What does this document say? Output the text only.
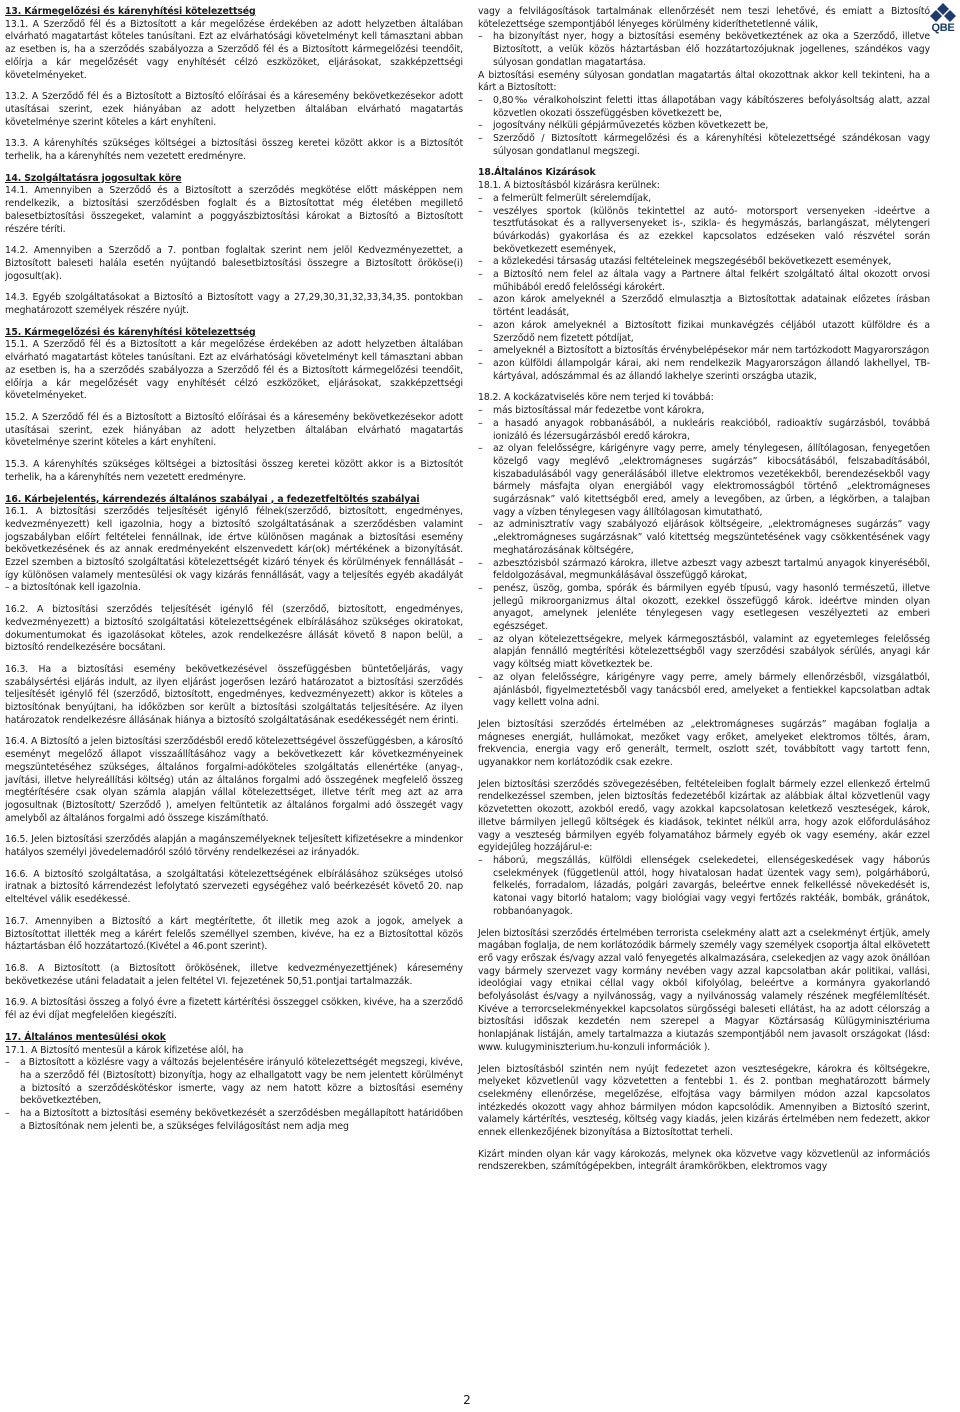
QBE
13. Kármegelőzési és kárenyhítési kötelezettség

13.1. A Szerződő fél és a Biztosított a kár megelőzése érdekében az adott helyzetben általában elvárható magatartást köteles tanúsítani. Ezt az elvárhatósági követelményt kell támasztani abban az esetben is, ha a szerződés szabályozza a Szerződő fél és a Biztosított kármegelőzési teendőit, előírja a kár megelőzését vagy enyhítését célzó eszközöket, eljárásokat, szakképzettségi követelményeket.

13.2. A Szerződő fél és a Biztosított a Biztosító előírásai és a káresemény bekövetkezésekor adott utasításai szerint, ezek hiányában az adott helyzetben általában elvárható magatartás követelménye szerint köteles a kárt enyhíteni.

13.3. A kárenyhítés szükséges költségei a biztosítási összeg keretei között akkor is a Biztosítót terhelik, ha a kárenyhítés nem vezetett eredményre.

14. Szolgáltatásra jogosultak köre

14.1. Amennyiben a Szerződő és a Biztosított a szerződés megkötése előtt másképpen nem rendelkezik, a biztosítási szerződésben foglalt és a Biztosítottat még életében megillető balesetbiztosítási összegeket, valamint a poggyászbiztosítási károkat a Biztosító a Biztosított részére téríti.

14.2. Amennyiben a Szerződő a 7. pontban foglaltak szerint nem jelöl Kedvezményezettet, a Biztosított baleseti halála esetén nyújtandó balesetbiztosítási összegre a Biztosított örököse(i) jogosult(ak).

14.3. Egyéb szolgáltatásokat a Biztosító a Biztosított vagy a 27,29,30,31,32,33,34,35. pontokban meghatározott személyek részére nyújt.

15. Kármegelőzési és kárenyhítési kötelezettség

15.1. A Szerződő fél és a Biztosított a kár megelőzése érdekében az adott helyzetben általában elvárható magatartást köteles tanúsítani. Ezt az elvárhatósági követelményt kell támasztani abban az esetben is, ha a szerződés szabályozza a Szerződő fél és a Biztosított kármegelőzési teendőit, előírja a kár megelőzését vagy enyhítését célzó eszközöket, eljárásokat, szakképzettségi követelményeket.

15.2. A Szerződő fél és a Biztosított a Biztosító előírásai és a káresemény bekövetkezésekor adott utasításai szerint, ezek hiányában az adott helyzetben általában elvárható magatartás követelménye szerint köteles a kárt enyhíteni.

15.3. A kárenyhítés szükséges költségei a biztosítási összeg keretei között akkor is a Biztosítót terhelik, ha a kárenyhítés nem vezetett eredményre.

16. Kárbejelentés, kárrendezés általános szabályai , a fedezetfeltöltés szabályai

16.1. A biztosítási szerződés teljesítését igénylő félnek(szerződő, biztosított, engedményes, kedvezményezett) kell igazolnia, hogy a biztosító szolgáltatásának a szerződésben valamint jogszabályban előírt feltételei fennállnak, ide értve különösen magának a biztosítási esemény bekövetkezésének és az annak eredményeként elszenvedett kár(ok) mértékének a bizonyítását. Ezzel szemben a biztosító szolgáltatási kötelezettségét kizáró tények és körülmények fennállását –így különösen valamely mentesülési ok vagy kizárás fennállását, vagy a teljesítés egyéb akadályát – a biztosítónak kell igazolnia.

16.2. A biztosítási szerződés teljesítését igénylő fél (szerződő, biztosított, engedményes, kedvezményezett) a biztosító szolgáltatási kötelezettségének elbírálásához szükséges okiratokat, dokumentumokat és igazolásokat köteles, azok rendelkezésre állását követő 8 napon belül, a biztosító rendelkezésére bocsátani.

16.3. Ha a biztosítási esemény bekövetkezésével összefüggésben büntetőeljárás, vagy szabálysértési eljárás indult, az ilyen eljárást jogerősen lezáró határozatot a biztosítási szerződés teljesítését igénylő fél (szerződő, biztosított, engedményes, kedvezményezett) akkor is köteles a biztosítónak benyújtani, ha időközben sor került a biztosítási szolgáltatás teljesítésére. Az ilyen határozatok rendelkezésre állásának hiánya a biztosító szolgáltatásának esedékességét nem érinti.

16.4. A Biztosító a jelen biztosítási szerződésből eredő kötelezettségével összefüggésben, a károsító eseményt megelőző állapot visszaállításához vagy a bekövetkezett kár következményeinek megszüntetéséhez szükséges, általános forgalmi-adóköteles szolgáltatás ellenértéke (anyag-, javítási, illetve helyreállítási költség) után az általános forgalmi adó összegének megfelelő összeg megtérítésére csak olyan számla alapján vállal kötelezettséget, illetve térít meg azt az arra jogosultnak (Biztosított/ Szerződő ), amelyen feltüntetik az általános forgalmi adó összegét vagy amelyből az általános forgalmi adó összege kiszámítható.

16.5. Jelen biztosítási szerződés alapján a magánszemélyeknek teljesített kifizetésekre a mindenkor hatályos személyi jövedelemadóról szóló törvény rendelkezései az irányadók.

16.6. A biztosító szolgáltatása, a szolgáltatási kötelezettségének elbírálásához szükséges utolsó iratnak a biztosító kárrendezést lefolytató szervezeti egységéhez való beérkezését követő 20. nap elteltével válik esedékessé.

16.7. Amennyiben a Biztosító a kárt megtérítette, őt illetik meg azok a jogok, amelyek a Biztosítottat illették meg a kárért felelős személlyel szemben, kivéve, ha ez a Biztosítottal közös háztartásban élő hozzátartozó.(Kivétel a 46.pont szerint).

16.8. A Biztosított (a Biztosított örökösének, illetve kedvezményezettjének) káresemény bekövetkezése utáni feladatait a jelen feltétel VI. fejezetének 50,51.pontjai tartalmazzák.

16.9. A biztosítási összeg a folyó évre a fizetett kártérítési összeggel csökken, kivéve, ha a szerződő fél az évi díjat megfelelően kiegészíti.

17. Általános mentesülési okok

17.1. A Biztosító mentesül a károk kifizetése alól, ha

– a Biztosított a közlésre vagy a változás bejelentésére irányuló kötelezettségét megszegi, kivéve, ha a szerződő fél (Biztosított) bizonyítja, hogy az elhallgatott vagy be nem jelentett körülményt a biztosító a szerződéskötéskor ismerte, vagy az nem hatott közre a biztosítási esemény bekövetkeztében,
– ha a Biztosított a biztosítási esemény bekövetkezését a szerződésben megállapított határidőben a Biztosítónak nem jelenti be, a szükséges felvilágosítást nem adja meg

vagy a felvilágosítások tartalmának ellenőrzését nem teszi lehetővé, és emiatt a Biztosító kötelezettsége szempontjából lényeges körülmény kideríthetetlenné válik,

– ha bizonyítást nyer, hogy a biztosítási esemény bekövetkeztének az oka a Szerződő, illetve Biztosított, a velük közös háztartásban élő hozzátartozójuknak jogellenes, szándékos vagy súlyosan gondatlan magatartása.

A biztosítási esemény súlyosan gondatlan magatartás által okozottnak akkor kell tekinteni, ha a kárt a Biztosított:

– 0,80‰ véralkoholszint feletti ittas állapotában vagy kábítószeres befolyásoltság alatt, azzal közvetlen okozati összefüggésben következett be,
– jogosítvány nélküli gépjárművezetés közben következett be,
– Szerződő / Biztosított kármegelőzési és a kárenyhítési kötelezettségé szándékosan vagy súlyosan gondatlanul megszegi.
18.Általános Kizárások

18.1. A biztosításból kizárásra kerülnek:

– a felmerült felmerült sérelemdíjak,
– veszélyes sportok (különös tekintettel az autó- motorsport versenyeken -ideértve a tesztfutásokat és a rallyversenyeket is-, szikla- és hegymászás, barlangászat, mélytengeri búvárkodás) gyakorlása és az ezekkel kapcsolatos edzéseken való részvétel során bekövetkezett események,
– a közlekedési társaság utazási feltételeinek megszegéséből bekövetkezett események,
– a Biztosító nem felel az általa vagy a Partnere által felkért szolgáltató által okozott orvosi műhibából eredő felelősségi károkért.
– azon károk amelyeknél a Szerződő elmulasztja a Biztosítottak adatainak előzetes írásban történt leadását,
– azon károk amelyeknél a Biztosított fizikai munkavégzés céljából utazott külföldre és a Szerződő nem fizetett pótdíjat,
– amelyeknél a Biztosított a biztosítás érvénybelépésekor már nem tartózkodott Magyarországon
– azon külföldi állampolgár kárai, aki nem rendelkezik Magyarországon állandó lakhellyel, TB-kártyával, adószámmal és az állandó lakhelye szerinti országba utazik,

18.2. A kockázatviselés köre nem terjed ki továbbá:

– más biztosítással már fedezetbe vont károkra,
– a hasadó anyagok robbanásából, a nukleáris reakcióból, radioaktív sugárzásból, továbbá ionizáló és lézersugárzásból eredő károkra,
– az olyan felelősségre, kárigényre vagy perre, amely ténylegesen, állítólagosan, fenyegetően közelgő vagy meglévő „elektromágneses sugárzás” kibocsátásából, felszabadításából, kiszabadulásából vagy generálásából illetve elektromos vezetékekből, berendezésekből vagy bármely másfajta olyan energiából vagy elektromosságból történő „elektromágneses sugárzásnak” való kitettségből ered, amely a levegőben, az űrben, a légkörben, a talajban vagy a vízben ténylegesen vagy állítólagosan kimutatható,
– az adminisztratív vagy szabályozó eljárások költségeire, „elektromágneses sugárzás” vagy „elektromágneses sugárzásnak” való kitettség megszüntetésének vagy csökkentésének vagy meghatározásának költségére,
– azbesztózisból származó károkra, illetve azbeszt vagy azbeszt tartalmú anyagok kinyeréséből, feldolgozásával, megmunkálásával összefüggő károkat,
– penész, üszög, gomba, spórák és bármilyen egyéb típusú, vagy hasonló természetű, illetve jellegű mikroorganizmus által okozott, ezekkel összefüggő károk. ideértve minden olyan anyagot, amelynek jelenléte ténylegesen vagy esetlegesen veszélyezteti az emberi egészséget.
– az olyan kötelezettségekre, melyek kármegosztásból, valamint az egyetemleges felelősség alapján fennálló megtérítési kötelezettségből vagy szerződési szabályok sérülés, anyagi kár vagy költség miatt következtek be.
– az olyan felelősségre, kárigényre vagy perre, amely bármely ellenőrzésből, vizsgálatból, ajánlásból, figyelmeztetésből vagy tanácsból ered, amelyeket a fentiekkel kapcsolatban adtak vagy kellett volna adni.

Jelen biztosítási szerződés értelmében az „elektromágneses sugárzás” magában foglalja a mágneses energiát, hullámokat, mezőket vagy erőket, amelyeket elektromos töltés, áram, frekvencia, energia vagy erő generált, termelt, oszlott szét, továbbított vagy tartott fenn, ugyanakkor nem korlátozódik csak ezekre.

Jelen biztosítási szerződés szövegezésében, feltételeiben foglalt bármely ezzel ellenkező értelmű rendelkezéssel szemben, jelen biztosítás fedezetéből kizártak az alábbiak által közvetlenül vagy közvetetten okozott, azokból eredő, vagy azokkal kapcsolatosan keletkező veszteségek, károk, illetve bármilyen jellegű költségek és kiadások, tekintet nélkül arra, hogy azok előfordulásához vagy a veszteség bármilyen egyéb folyamatához bármely egyéb ok vagy esemény, akár ezzel egyidejűleg hozzájárul-e:

– háború, megszállás, külföldi ellenségek cselekedetei, ellenségeskedések vagy háborús cselekmények (függetlenül attól, hogy hivatalosan hadat üzentek vagy sem), polgárháború, felkelés, forradalom, lázadás, polgári zavargás, beleértve ennek felkelléssé növekedését is, katonai vagy bitorló hatalom; vagy biológiai vagy vegyi fertőzés raktéák, bombák, gránátok, robbanóanyagok.

Jelen biztosítási szerződés értelmében terrorista cselekmény alatt azt a cselekményt értjük, amely magában foglalja, de nem korlátozódik bármely személy vagy személyek csoportja által elkövetett erő vagy erőszak és/vagy azzal való fenyegetés alkalmazására, cselekedjen az vagy azok önállóan vagy bármely szervezet vagy kormány nevében vagy azzal kapcsolatban akár politikai, vallási, ideológiai vagy etnikai céllal vagy okból kifolyólag, beleértve a kormányra gyakorlandó befolyásolást és/vagy a nyilvánosság, vagy a nyilvánosság valamely részének megfélemlítését. Kivéve a terrorcselekményekkel kapcsolatos sürgősségi baleseti ellátást, ha az adott célország a biztosítási időszak kezdetén nem szerepel a Magyar Köztársaság Külügyminisztériuma honlapjának listáján, amely tartalmazza a kiutazás szempontjából nem javasolt országokat (lásd: www. kulugyminiszterium.hu-konzuli információk ).

Jelen biztosításból szintén nem nyújt fedezetet azon veszteségekre, károkra és költségekre, melyeket közvetlenül vagy közvetetten a fentebbi 1. és 2. pontban meghatározott bármely cselekmény ellenőrzése, megelőzése, elfojtása vagy bármilyen módon azzal kapcsolatos intézkedés okozott vagy ahhoz bármilyen módon kapcsolódik. Amennyiben a Biztosító szerint, valamely kártérítés, veszteség, költség vagy kiadás, jelen kizárás értelmében nem fedezett, akkor ennek ellenkezőjének bizonyítása a Biztosítottat terheli.

Kizárt minden olyan kár vagy károkozás, melynek oka közvetve vagy közvetlenül az információs rendszerekben, számítógépekben, integrált áramkörökben, elektromos vagy

2
